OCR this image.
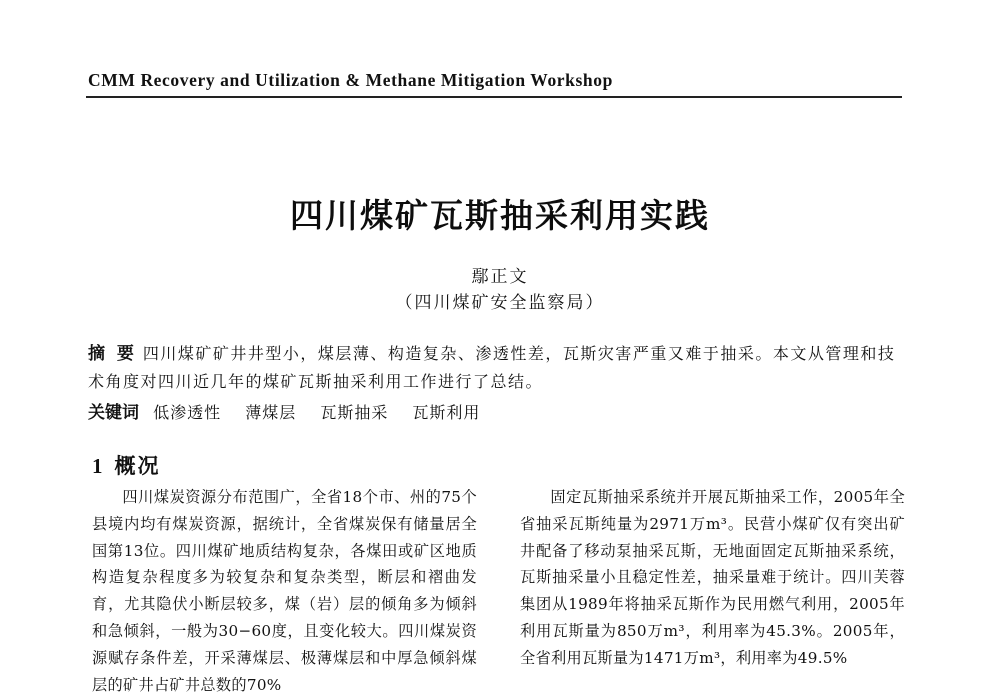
CMM Recovery and Utilization & Methane Mitigation Workshop
四川煤矿瓦斯抽采利用实践
鄢正文
（四川煤矿安全监察局）
摘 要 四川煤矿矿井井型小，煤层薄、构造复杂、渗透性差，瓦斯灾害严重又难于抽采。本文从管理和技术角度对四川近几年的煤矿瓦斯抽采利用工作进行了总结。
关键词 低渗透性 薄煤层 瓦斯抽采 瓦斯利用
1 概况
四川煤炭资源分布范围广，全省18个市、州的75个县境内均有煤炭资源，据统计，全省煤炭保有储量居全国第13位。四川煤矿地质结构复杂，各煤田或矿区地质构造复杂程度多为较复杂和复杂类型，断层和褶曲发育，尤其隐伏小断层较多，煤（岩）层的倾角多为倾斜和急倾斜，一般为30−60度，且变化较大。四川煤炭资源赋存条件差，开采薄煤层、极薄煤层和中厚急倾斜煤层的矿井占矿井总数的70%
固定瓦斯抽采系统并开展瓦斯抽采工作，2005年全省抽采瓦斯纯量为2971万m³。民营小煤矿仅有突出矿井配备了移动泵抽采瓦斯，无地面固定瓦斯抽采系统，瓦斯抽采量小且稳定性差，抽采量难于统计。四川芙蓉集团从1989年将抽采瓦斯作为民用燃气利用，2005年利用瓦斯量为850万m³，利用率为45.3%。2005年，全省利用瓦斯量为1471万m³，利用率为49.5%
